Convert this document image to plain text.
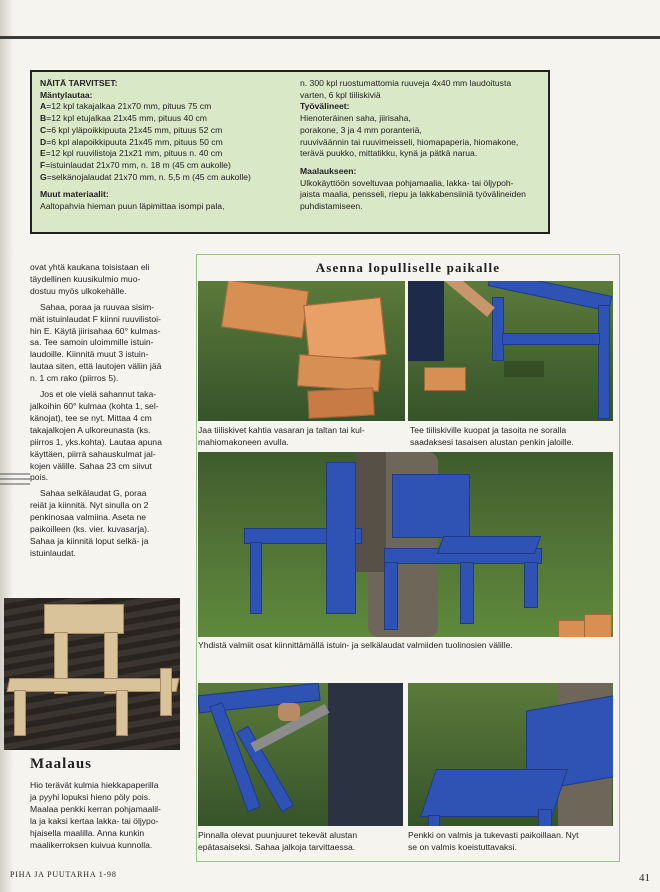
NÄITÄ TARVITSET:
Mäntylautaa:
A=12 kpl takajalkaa 21x70 mm, pituus 75 cm
B=12 kpl etujalkaa 21x45 mm, pituus 40 cm
C=6 kpl yläpoikkipuuta 21x45 mm, pituus 52 cm
D=6 kpl alapoikkipuuta 21x45 mm, pituus 50 cm
E=12 kpl ruuvilistoja 21x21 mm, pituus n. 40 cm
F=istuinlaudat 21x70 mm, n. 18 m (45 cm aukolle)
G=selkänojalaudat 21x70 mm, n. 5,5 m (45 cm aukolle)
Muut materiaalit:
Aaltopahvia hieman puun läpimittaa isompi pala,
n. 300 kpl ruostumattomia ruuveja 4x40 mm laudoitusta
varten, 6 kpl tiiliskiviä
Työvälineet:
Hienoteräinen saha, jiirisaha,
porakone, 3 ja 4 mm poranteriä,
ruuviväännin tai ruuvimeisseli, hiomapaperia, hiomakone,
terävä puukko, mittatikku, kynä ja pätkä narua.
Maalaukseen:
Ulkokäyttöön soveltuvaa pohjamaalia, lakka- tai öljypoh-
jaista maalia, pensseli, riepu ja lakkabensiiniä työvälineiden
puhdistamiseen.
ovat yhtä kaukana toisistaan eli
täydellinen kuusikulmio muo-
dostuu myös ulkokehälle.
Sahaa, poraa ja ruuvaa sisim-
mät istuinlaudat F kiinni ruuvilistoi-
hin E. Käytä jiirisahaa 60° kulmas-
sa. Tee samoin uloimmille istuin-
laudoille. Kiinnitä muut 3 istuin-
lautaa siten, että lautojen väliin jää
n. 1 cm rako (piirros 5).
Jos et ole vielä sahannut taka-
jalkoihin 60° kulmaa (kohta 1, sel-
känojat), tee se nyt. Mittaa 4 cm
takajalkojen A ulkoreunasta (ks.
piirros 1, yks.kohta). Lautaa apuna
käyttäen, piirrä sahauskulmat jal-
kojen välille. Sahaa 23 cm siivut
pois.
Sahaa selkälaudat G, poraa
reiät ja kiinnitä. Nyt sinulla on 2
penkinosaa valmiina. Aseta ne
paikoilleen (ks. vier. kuvasarja).
Sahaa ja kiinnitä loput selkä- ja
istuinlaudat.
Maalaus
Hio terävät kulmia hiekkapaperilla
ja pyyhi lopuksi hieno pöly pois.
Maalaa penkki kerran pohjamaalil-
la ja kaksi kertaa lakka- tai öljypo-
hjaisella maalilla. Anna kunkin
maalikerroksen kuivua kunnolla.
Asenna lopulliselle paikalle
Jaa tiiliskivet kahtia vasaran ja taltan tai kul-
mahiomakoneen avulla.
Tee tiiliskiville kuopat ja tasoita ne soralla
saadaksesi tasaisen alustan penkin jaloille.
Yhdistä valmiit osat kiinnittämällä istuin- ja selkälaudat valmiiden tuolinosien välille.
Pinnalla olevat puunjuuret tekevät alustan
epätasaiseksi. Sahaa jalkoja tarvittaessa.
Penkki on valmis ja tukevasti paikoillaan. Nyt
se on valmis koeistuttavaksi.
PIHA JA PUUTARHA 1-98	41
